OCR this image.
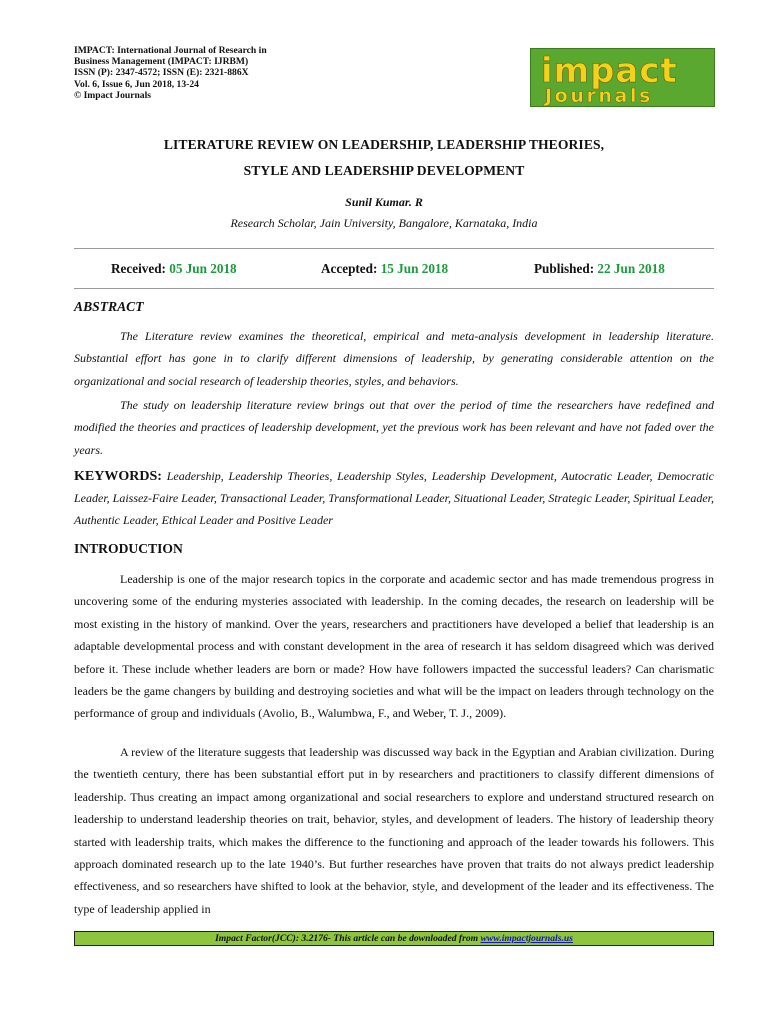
IMPACT: International Journal of Research in
Business Management (IMPACT: IJRBM)
ISSN (P): 2347-4572; ISSN (E): 2321-886X
Vol. 6, Issue 6, Jun 2018, 13-24
© Impact Journals
impact
Journals
LITERATURE REVIEW ON LEADERSHIP, LEADERSHIP THEORIES,
STYLE AND LEADERSHIP DEVELOPMENT
Sunil Kumar. R
Research Scholar, Jain University, Bangalore, Karnataka, India
Received: 05 Jun 2018	Accepted: 15 Jun 2018	Published: 22 Jun 2018
ABSTRACT
The Literature review examines the theoretical, empirical and meta-analysis development in leadership literature. Substantial effort has gone in to clarify different dimensions of leadership, by generating considerable attention on the organizational and social research of leadership theories, styles, and behaviors.
The study on leadership literature review brings out that over the period of time the researchers have redefined and modified the theories and practices of leadership development, yet the previous work has been relevant and have not faded over the years.
KEYWORDS: Leadership, Leadership Theories, Leadership Styles, Leadership Development, Autocratic Leader, Democratic Leader, Laissez-Faire Leader, Transactional Leader, Transformational Leader, Situational Leader, Strategic Leader, Spiritual Leader, Authentic Leader, Ethical Leader and Positive Leader
INTRODUCTION
Leadership is one of the major research topics in the corporate and academic sector and has made tremendous progress in uncovering some of the enduring mysteries associated with leadership. In the coming decades, the research on leadership will be most existing in the history of mankind. Over the years, researchers and practitioners have developed a belief that leadership is an adaptable developmental process and with constant development in the area of research it has seldom disagreed which was derived before it. These include whether leaders are born or made? How have followers impacted the successful leaders? Can charismatic leaders be the game changers by building and destroying societies and what will be the impact on leaders through technology on the performance of group and individuals (Avolio, B., Walumbwa, F., and Weber, T. J., 2009).
A review of the literature suggests that leadership was discussed way back in the Egyptian and Arabian civilization. During the twentieth century, there has been substantial effort put in by researchers and practitioners to classify different dimensions of leadership. Thus creating an impact among organizational and social researchers to explore and understand structured research on leadership to understand leadership theories on trait, behavior, styles, and development of leaders. The history of leadership theory started with leadership traits, which makes the difference to the functioning and approach of the leader towards his followers. This approach dominated research up to the late 1940’s. But further researches have proven that traits do not always predict leadership effectiveness, and so researchers have shifted to look at the behavior, style, and development of the leader and its effectiveness. The type of leadership applied in
Impact Factor(JCC): 3.2176- This article can be downloaded from www.impactjournals.us
